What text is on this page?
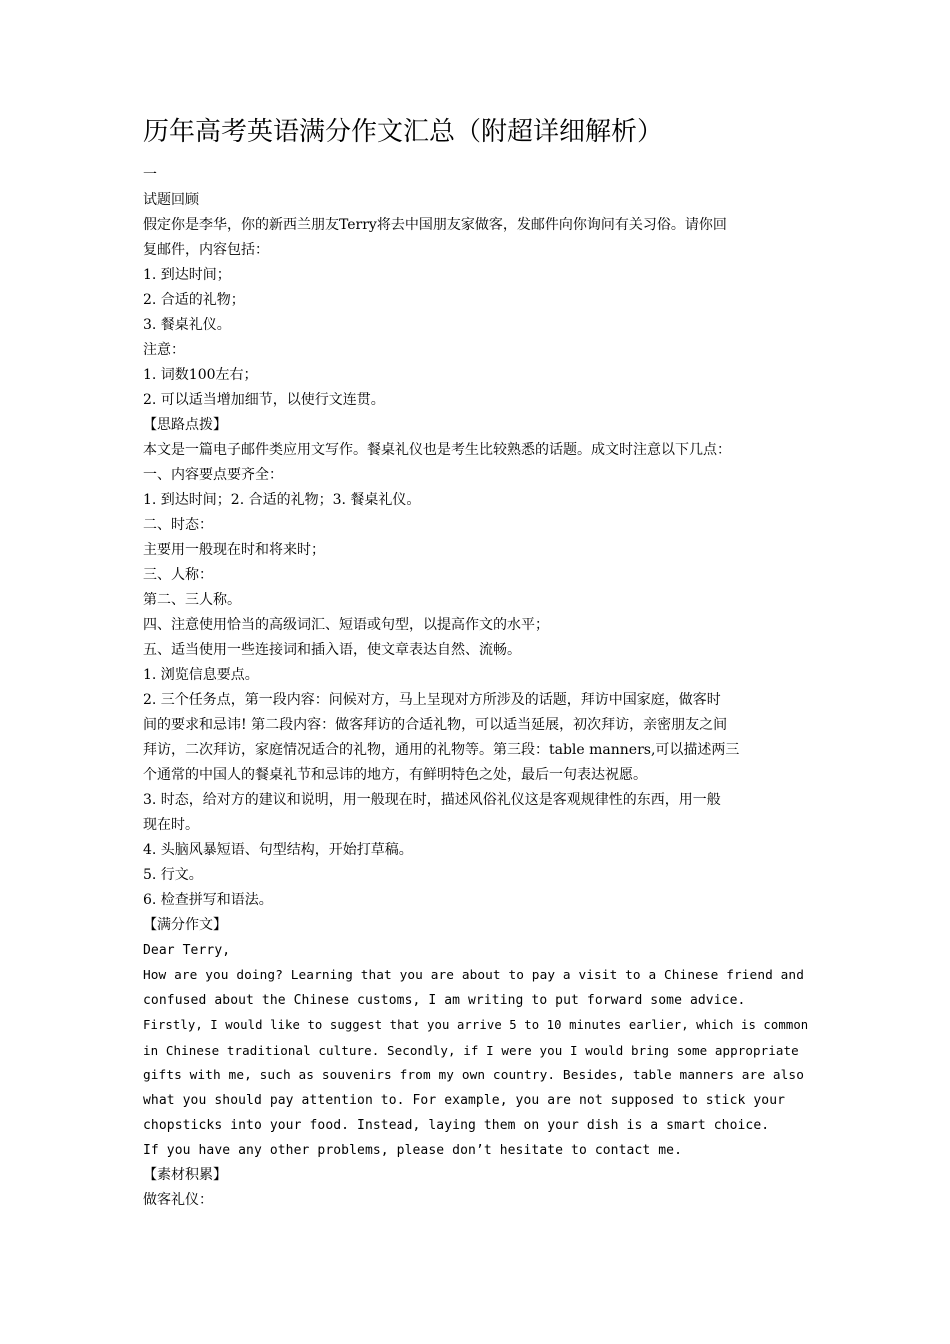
历年高考英语满分作文汇总（附超详细解析）

一

试题回顾

假定你是李华，你的新西兰朋友Terry将去中国朋友家做客，发邮件向你询问有关习俗。请你回

复邮件，内容包括：

1. 到达时间；

2. 合适的礼物；

3. 餐桌礼仪。

注意：

1. 词数100左右；

2. 可以适当增加细节，以使行文连贯。

【思路点拨】

本文是一篇电子邮件类应用文写作。餐桌礼仪也是考生比较熟悉的话题。成文时注意以下几点：

一、内容要点要齐全：

1. 到达时间；2. 合适的礼物；3. 餐桌礼仪。

二、时态：

主要用一般现在时和将来时；

三、人称：

第二、三人称。

四、注意使用恰当的高级词汇、短语或句型，以提高作文的水平；

五、适当使用一些连接词和插入语，使文章表达自然、流畅。

1. 浏览信息要点。

2. 三个任务点，第一段内容：问候对方，马上呈现对方所涉及的话题，拜访中国家庭，做客时

间的要求和忌讳! 第二段内容：做客拜访的合适礼物，可以适当延展，初次拜访，亲密朋友之间

拜访，二次拜访，家庭情况适合的礼物，通用的礼物等。第三段：table manners,可以描述两三

个通常的中国人的餐桌礼节和忌讳的地方，有鲜明特色之处，最后一句表达祝愿。

3. 时态，给对方的建议和说明，用一般现在时，描述风俗礼仪这是客观规律性的东西，用一般

现在时。

4. 头脑风暴短语、句型结构，开始打草稿。

5. 行文。

6. 检查拼写和语法。

【满分作文】

Dear Terry,

How are you doing? Learning that you are about to pay a visit to a Chinese friend and

confused about the Chinese customs, I am writing to put forward some advice.

Firstly, I would like to suggest that you arrive 5 to 10 minutes earlier, which is common

in Chinese traditional culture. Secondly, if I were you I would bring some appropriate

gifts with me, such as souvenirs from my own country. Besides, table manners are also

what you should pay attention to. For example, you are not supposed to stick your

chopsticks into your food. Instead, laying them on your dish is a smart choice.

If you have any other problems, please don’t hesitate to contact me.

【素材积累】

做客礼仪：
